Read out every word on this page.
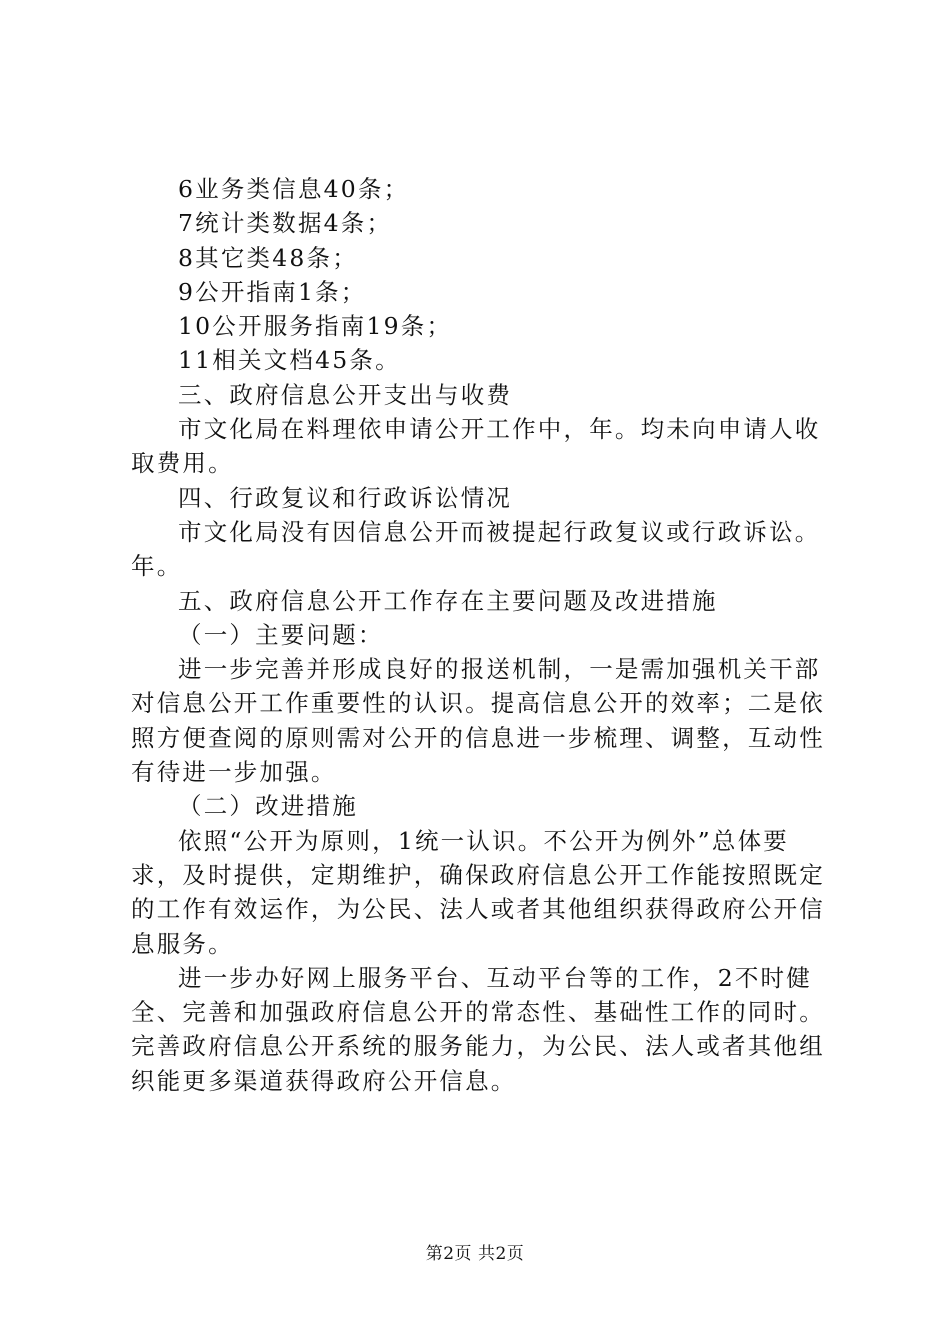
6业务类信息40条；

7统计类数据4条；

8其它类48条；

9公开指南1条；

10公开服务指南19条；

11相关文档45条。

三、政府信息公开支出与收费

市文化局在料理依申请公开工作中，年。均未向申请人收取费用。

四、行政复议和行政诉讼情况

市文化局没有因信息公开而被提起行政复议或行政诉讼。年。

五、政府信息公开工作存在主要问题及改进措施

（一）主要问题：

进一步完善并形成良好的报送机制，一是需加强机关干部对信息公开工作重要性的认识。提高信息公开的效率；二是依照方便查阅的原则需对公开的信息进一步梳理、调整，互动性有待进一步加强。

（二）改进措施

依照“公开为原则，1统一认识。不公开为例外”总体要求，及时提供，定期维护，确保政府信息公开工作能按照既定的工作有效运作，为公民、法人或者其他组织获得政府公开信息服务。

进一步办好网上服务平台、互动平台等的工作，2不时健全、完善和加强政府信息公开的常态性、基础性工作的同时。完善政府信息公开系统的服务能力，为公民、法人或者其他组织能更多渠道获得政府公开信息。

第2页 共2页
